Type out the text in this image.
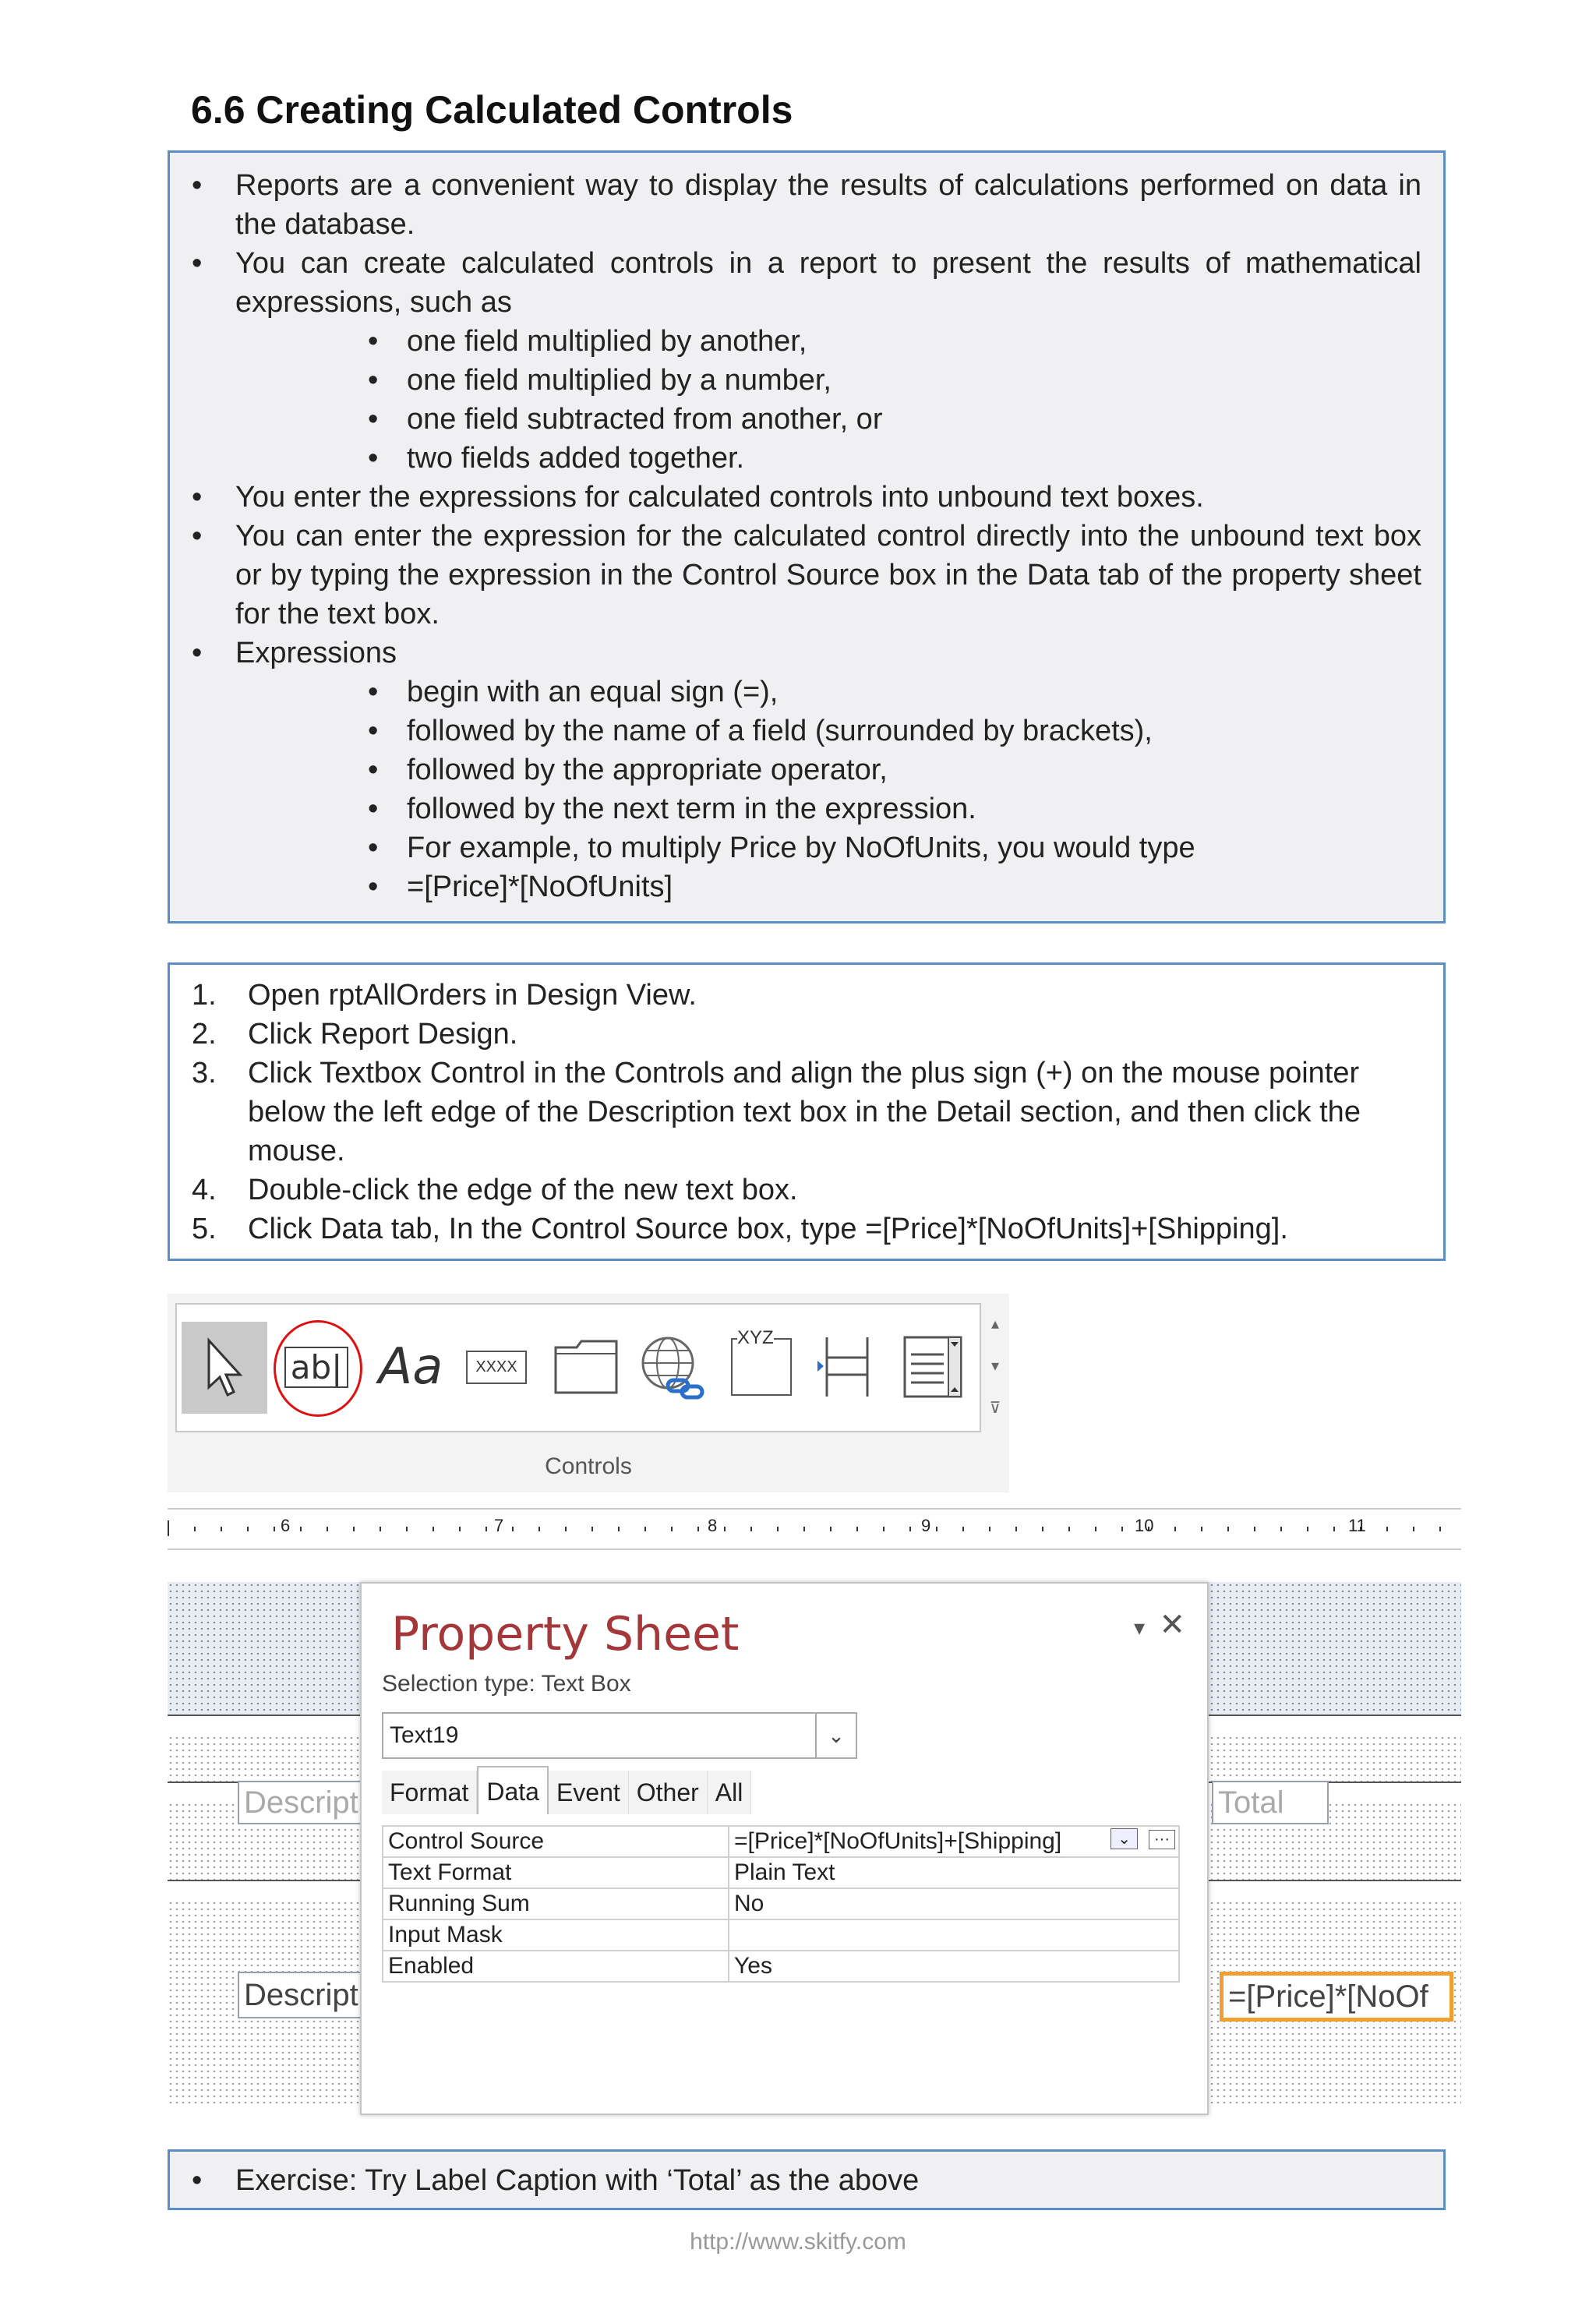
6.6 Creating Calculated Controls
• Reports are a convenient way to display the results of calculations performed on data in the database.
• You can create calculated controls in a report to present the results of mathematical expressions, such as
• one field multiplied by another,
• one field multiplied by a number,
• one field subtracted from another, or
• two fields added together.
• You enter the expressions for calculated controls into unbound text boxes.
• You can enter the expression for the calculated control directly into the unbound text box or by typing the expression in the Control Source box in the Data tab of the property sheet for the text box.
• Expressions
• begin with an equal sign (=),
• followed by the name of a field (surrounded by brackets),
• followed by the appropriate operator,
• followed by the next term in the expression.
• For example, to multiply Price by NoOfUnits, you would type
• =[Price]*[NoOfUnits]
1. Open rptAllOrders in Design View.
2. Click Report Design.
3. Click Textbox Control in the Controls and align the plus sign (+) on the mouse pointer below the left edge of the Description text box in the Detail section, and then click the mouse.
4. Double-click the edge of the new text box.
5. Click Data tab, In the Control Source box, type =[Price]*[NoOfUnits]+[Shipping].
ab| Aa	XXXX
XYZ
▴
▾
⊽
Controls
6	7	8	9	10	11
Descript	Total
Descript	=[Price]*[NoOf
Property Sheet	▾ ✕
Selection type: Text Box
Text19	⌄
Format Data Event Other All
Control Source	=[Price]*[NoOfUnits]+[Shipping] ⌄ ···

Text Format	Plain Text
Running Sum	No
Input Mask	
Enabled	Yes
• Exercise: Try Label Caption with ‘Total’ as the above
http://www.skitfy.com
